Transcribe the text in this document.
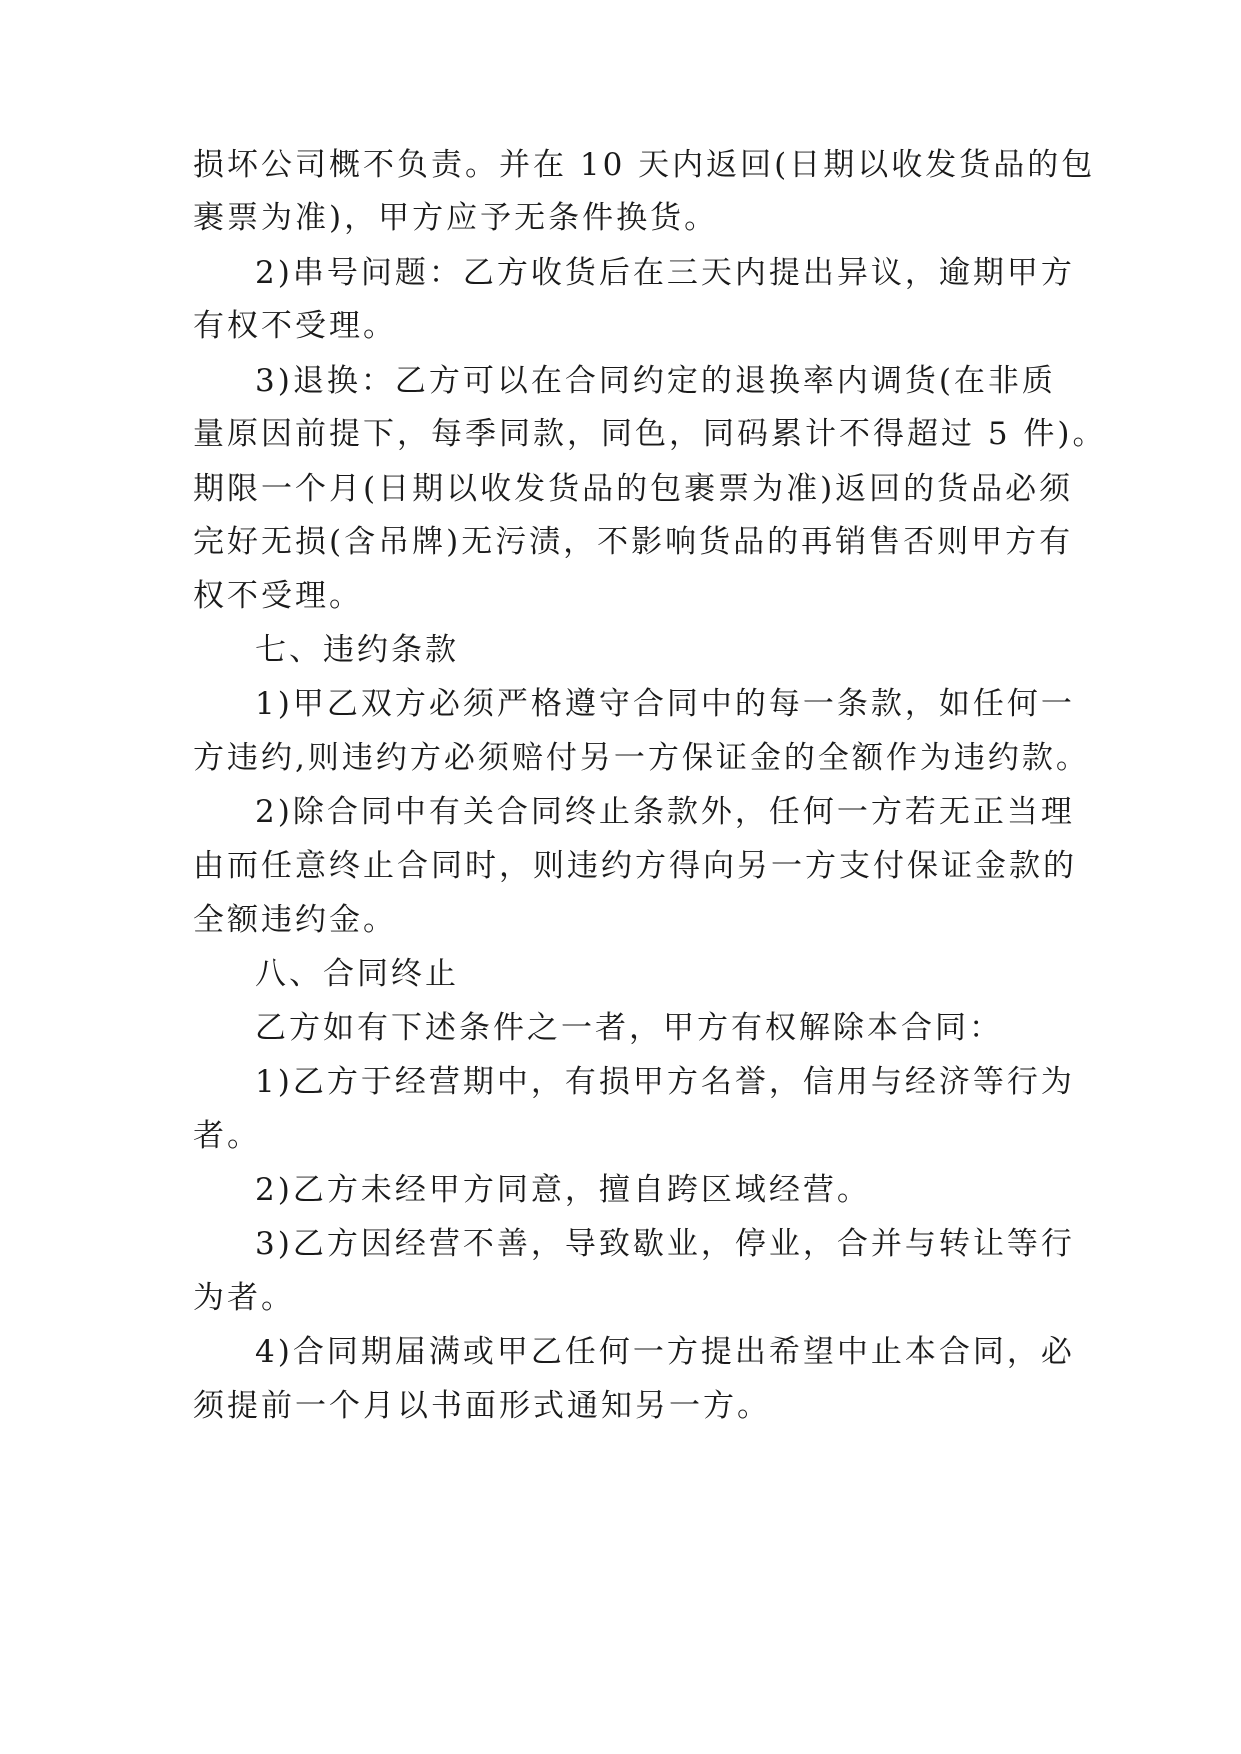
损坏公司概不负责。并在 10 天内返回(日期以收发货品的包
裹票为准)，甲方应予无条件换货。
2)串号问题：乙方收货后在三天内提出异议，逾期甲方
有权不受理。
3)退换：乙方可以在合同约定的退换率内调货(在非质
量原因前提下，每季同款，同色，同码累计不得超过 5 件)。
期限一个月(日期以收发货品的包裹票为准)返回的货品必须
完好无损(含吊牌)无污渍，不影响货品的再销售否则甲方有
权不受理。
七、违约条款
1)甲乙双方必须严格遵守合同中的每一条款，如任何一
方违约,则违约方必须赔付另一方保证金的全额作为违约款。
2)除合同中有关合同终止条款外，任何一方若无正当理
由而任意终止合同时，则违约方得向另一方支付保证金款的
全额违约金。
八、合同终止
乙方如有下述条件之一者，甲方有权解除本合同：
1)乙方于经营期中，有损甲方名誉，信用与经济等行为
者。
2)乙方未经甲方同意，擅自跨区域经营。
3)乙方因经营不善，导致歇业，停业，合并与转让等行
为者。
4)合同期届满或甲乙任何一方提出希望中止本合同，必
须提前一个月以书面形式通知另一方。
